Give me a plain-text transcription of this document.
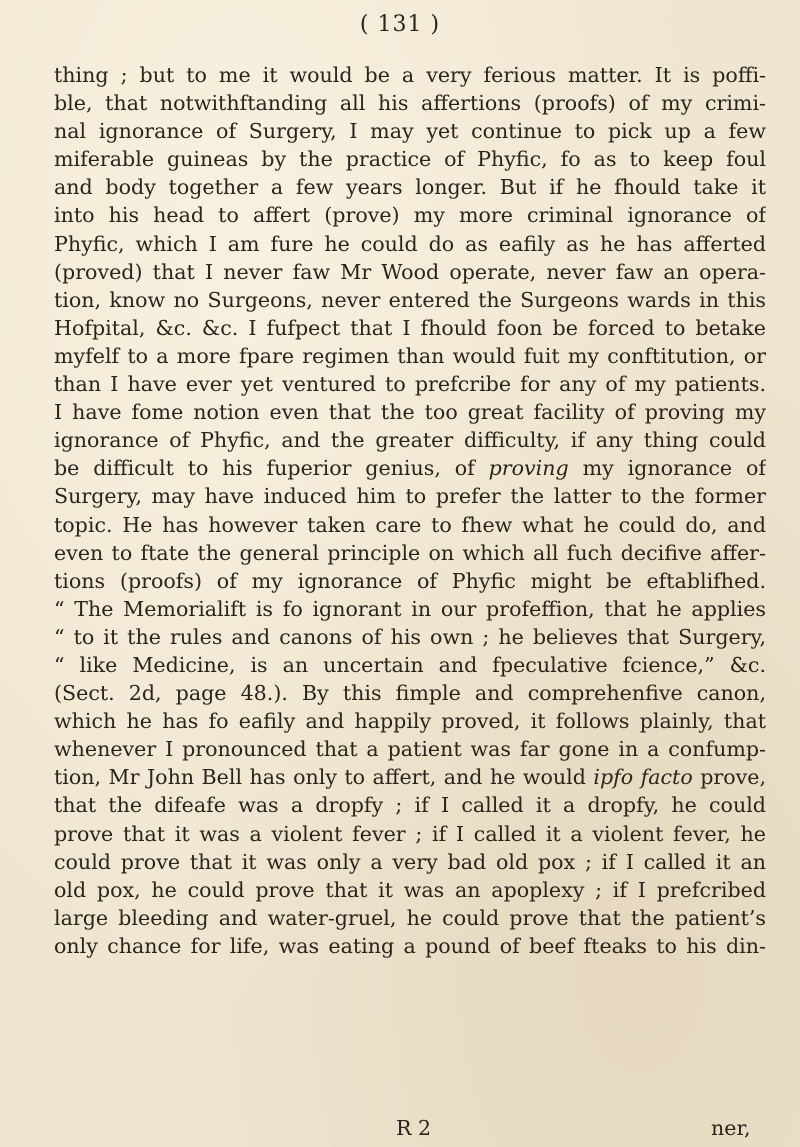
( 131 )
thing ; but to me it would be a very ferious matter. It is poffi-
ble, that notwithftanding all his affertions (proofs) of my crimi-
nal ignorance of Surgery, I may yet continue to pick up a few
miferable guineas by the practice of Phyfic, fo as to keep foul
and body together a few years longer. But if he fhould take it
into his head to affert (prove) my more criminal ignorance of
Phyfic, which I am fure he could do as eafily as he has afferted
(proved) that I never faw Mr Wood operate, never faw an opera-
tion, know no Surgeons, never entered the Surgeons wards in this
Hofpital, &c. &c. I fufpect that I fhould foon be forced to betake
myfelf to a more fpare regimen than would fuit my conftitution, or
than I have ever yet ventured to prefcribe for any of my patients.
I have fome notion even that the too great facility of proving my
ignorance of Phyfic, and the greater difficulty, if any thing could
be difficult to his fuperior genius, of proving my ignorance of
Surgery, may have induced him to prefer the latter to the former
topic. He has however taken care to fhew what he could do, and
even to ftate the general principle on which all fuch decifive affer-
tions (proofs) of my ignorance of Phyfic might be eftablifhed.
“ The Memorialift is fo ignorant in our profeffion, that he applies
“ to it the rules and canons of his own ; he believes that Surgery,
“ like Medicine, is an uncertain and fpeculative fcience,” &c.
(Sect. 2d, page 48.). By this fimple and comprehenfive canon,
which he has fo eafily and happily proved, it follows plainly, that
whenever I pronounced that a patient was far gone in a confump-
tion, Mr John Bell has only to affert, and he would ipfo facto prove,
that the difeafe was a dropfy ; if I called it a dropfy, he could
prove that it was a violent fever ; if I called it a violent fever, he
could prove that it was only a very bad old pox ; if I called it an
old pox, he could prove that it was an apoplexy ; if I prefcribed
large bleeding and water-gruel, he could prove that the patient’s
only chance for life, was eating a pound of beef fteaks to his din-
R 2	ner,
